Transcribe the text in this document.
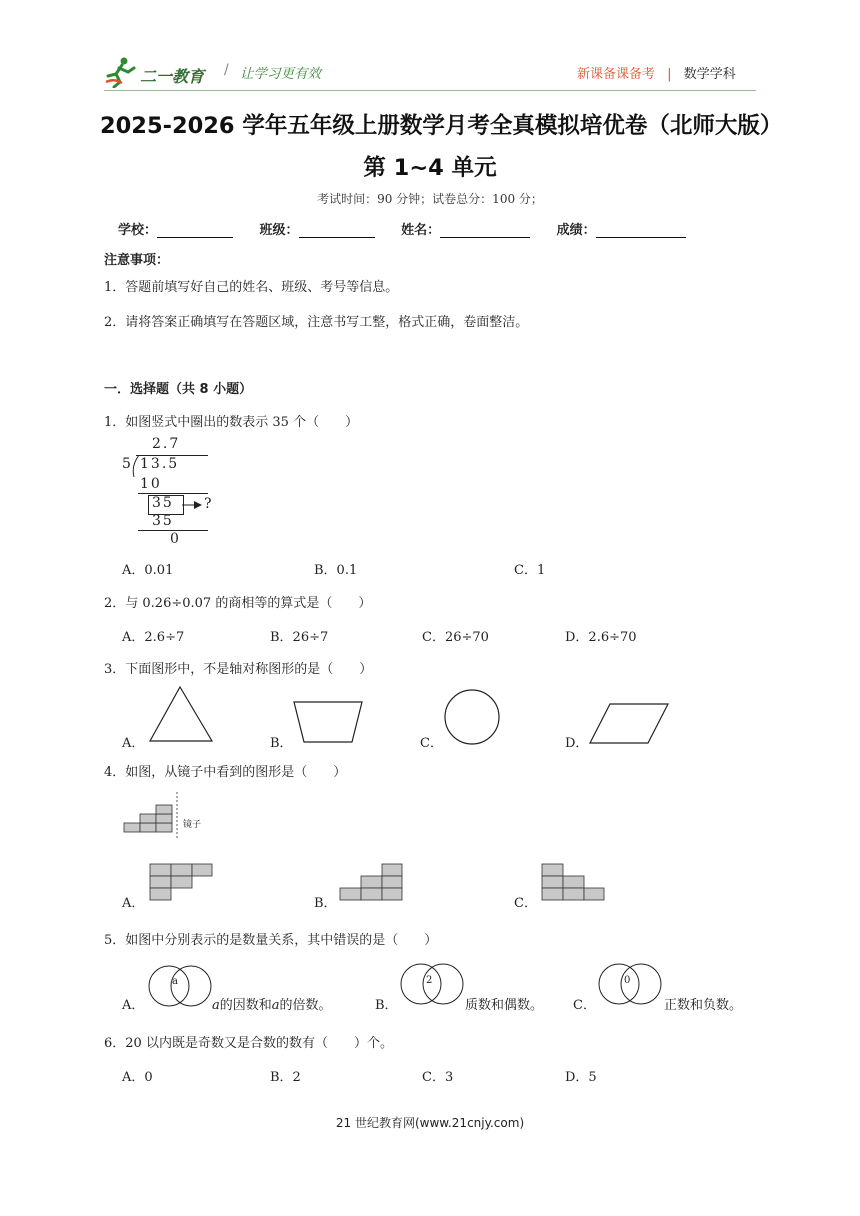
二一教育 / 让学习更有效	新课备课备考 | 数学学科
2025-2026 学年五年级上册数学月考全真模拟培优卷（北师大版）
第 1~4 单元
考试时间：90 分钟；试卷总分：100 分；
学校：	班级：	姓名：	成绩：
注意事项：
1．答题前填写好自己的姓名、班级、考号等信息。
2．请将答案正确填写在答题区域，注意书写工整，格式正确，卷面整洁。
一．选择题（共 8 小题）
1．如图竖式中圈出的数表示 35 个（　　）
2.7
5 13.5
10
35 ?
35
0
A．0.01	B．0.1	C．1
2．与 0.26÷0.07 的商相等的算式是（　　）
A．2.6÷7	B．26÷7	C．26÷70	D．2.6÷70
3．下面图形中，不是轴对称图形的是（　　）
A．	B．	C．	D．
4．如图，从镜子中看到的图形是（　　）
镜子
A．	B．	C．
5．如图中分别表示的是数量关系，其中错误的是（　　）
A．
a
a的因数和a的倍数。	B．
2
质数和偶数。 C．
0
正数和负数。
6．20 以内既是奇数又是合数的数有（　　）个。
A．0	B．2	C．3	D．5
21 世纪教育网(www.21cnjy.com)
